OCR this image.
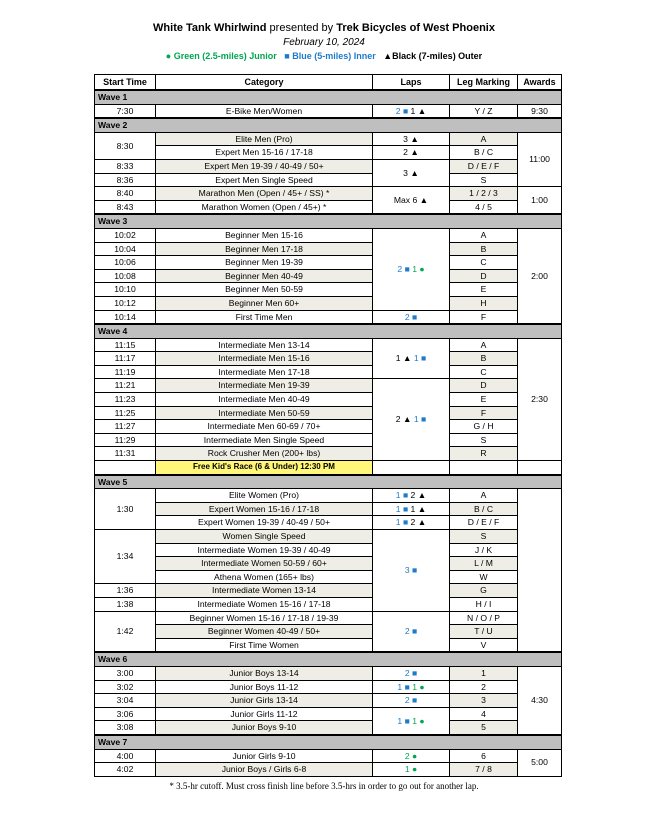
White Tank Whirlwind presented by Trek Bicycles of West Phoenix
February 10, 2024
● Green (2.5-miles) Junior ■ Blue (5-miles) Inner ▲Black (7-miles) Outer
Start Time	Category	Laps	Leg Marking	Awards
Wave 1				
7:30	E-Bike Men/Women	2 ■ 1 ▲	Y / Z	9:30
Wave 2				
8:30	Elite Men (Pro)	3 ▲	A	11:00
	Expert Men 15-16 / 17-18	2 ▲	B / C	
8:33	Expert Men 19-39 / 40-49 / 50+	3 ▲	D / E / F	
8:36	Expert Men Single Speed		S	
8:40	Marathon Men (Open / 45+ / SS) *	Max 6 ▲	1 / 2 / 3	1:00
8:43	Marathon Women (Open / 45+) *		4 / 5	
Wave 3				
10:02	Beginner Men 15-16	2 ■ 1 ●	A	2:00
10:04	Beginner Men 17-18		B	
10:06	Beginner Men 19-39		C	
10:08	Beginner Men 40-49		D	
10:10	Beginner Men 50-59		E	
10:12	Beginner Men 60+		H	
10:14	First Time Men	2 ■	F	
Wave 4				
11:15	Intermediate Men 13-14	1 ▲ 1 ■	A	2:30
11:17	Intermediate Men 15-16		B	
11:19	Intermediate Men 17-18		C	
11:21	Intermediate Men 19-39	2 ▲ 1 ■	D	
11:23	Intermediate Men 40-49		E	
11:25	Intermediate Men 50-59		F	
11:27	Intermediate Men 60-69 / 70+		G / H	
11:29	Intermediate Men Single Speed		S	
11:31	Rock Crusher Men (200+ lbs)		R	
	Free Kid's Race (6 & Under) 12:30 PM			
Wave 5				
1:30	Elite Women (Pro)	1 ■ 2 ▲	A	
	Expert Women 15-16 / 17-18	1 ■ 1 ▲	B / C	
	Expert Women 19-39 / 40-49 / 50+	1 ■ 2 ▲	D / E / F	
1:34	Women Single Speed	3 ■	S	
	Intermediate Women 19-39 / 40-49		J / K	
	Intermediate Women 50-59 / 60+		L / M	
	Athena Women (165+ lbs)		W	
1:36	Intermediate Women 13-14		G	
1:38	Intermediate Women 15-16 / 17-18		H / I	
1:42	Beginner Women 15-16 / 17-18 / 19-39	2 ■	N / O / P	
	Beginner Women 40-49 / 50+		T / U	
	First Time Women		V	
Wave 6				
3:00	Junior Boys 13-14	2 ■	1	4:30
3:02	Junior Boys 11-12	1 ■ 1 ●	2	
3:04	Junior Girls 13-14	2 ■	3	
3:06	Junior Girls 11-12	1 ■ 1 ●	4	
3:08	Junior Boys 9-10		5	
Wave 7				
4:00	Junior Girls 9-10	2 ●	6	5:00
4:02	Junior Boys / Girls 6-8	1 ●	7 / 8	
* 3.5-hr cutoff. Must cross finish line before 3.5-hrs in order to go out for another lap.
